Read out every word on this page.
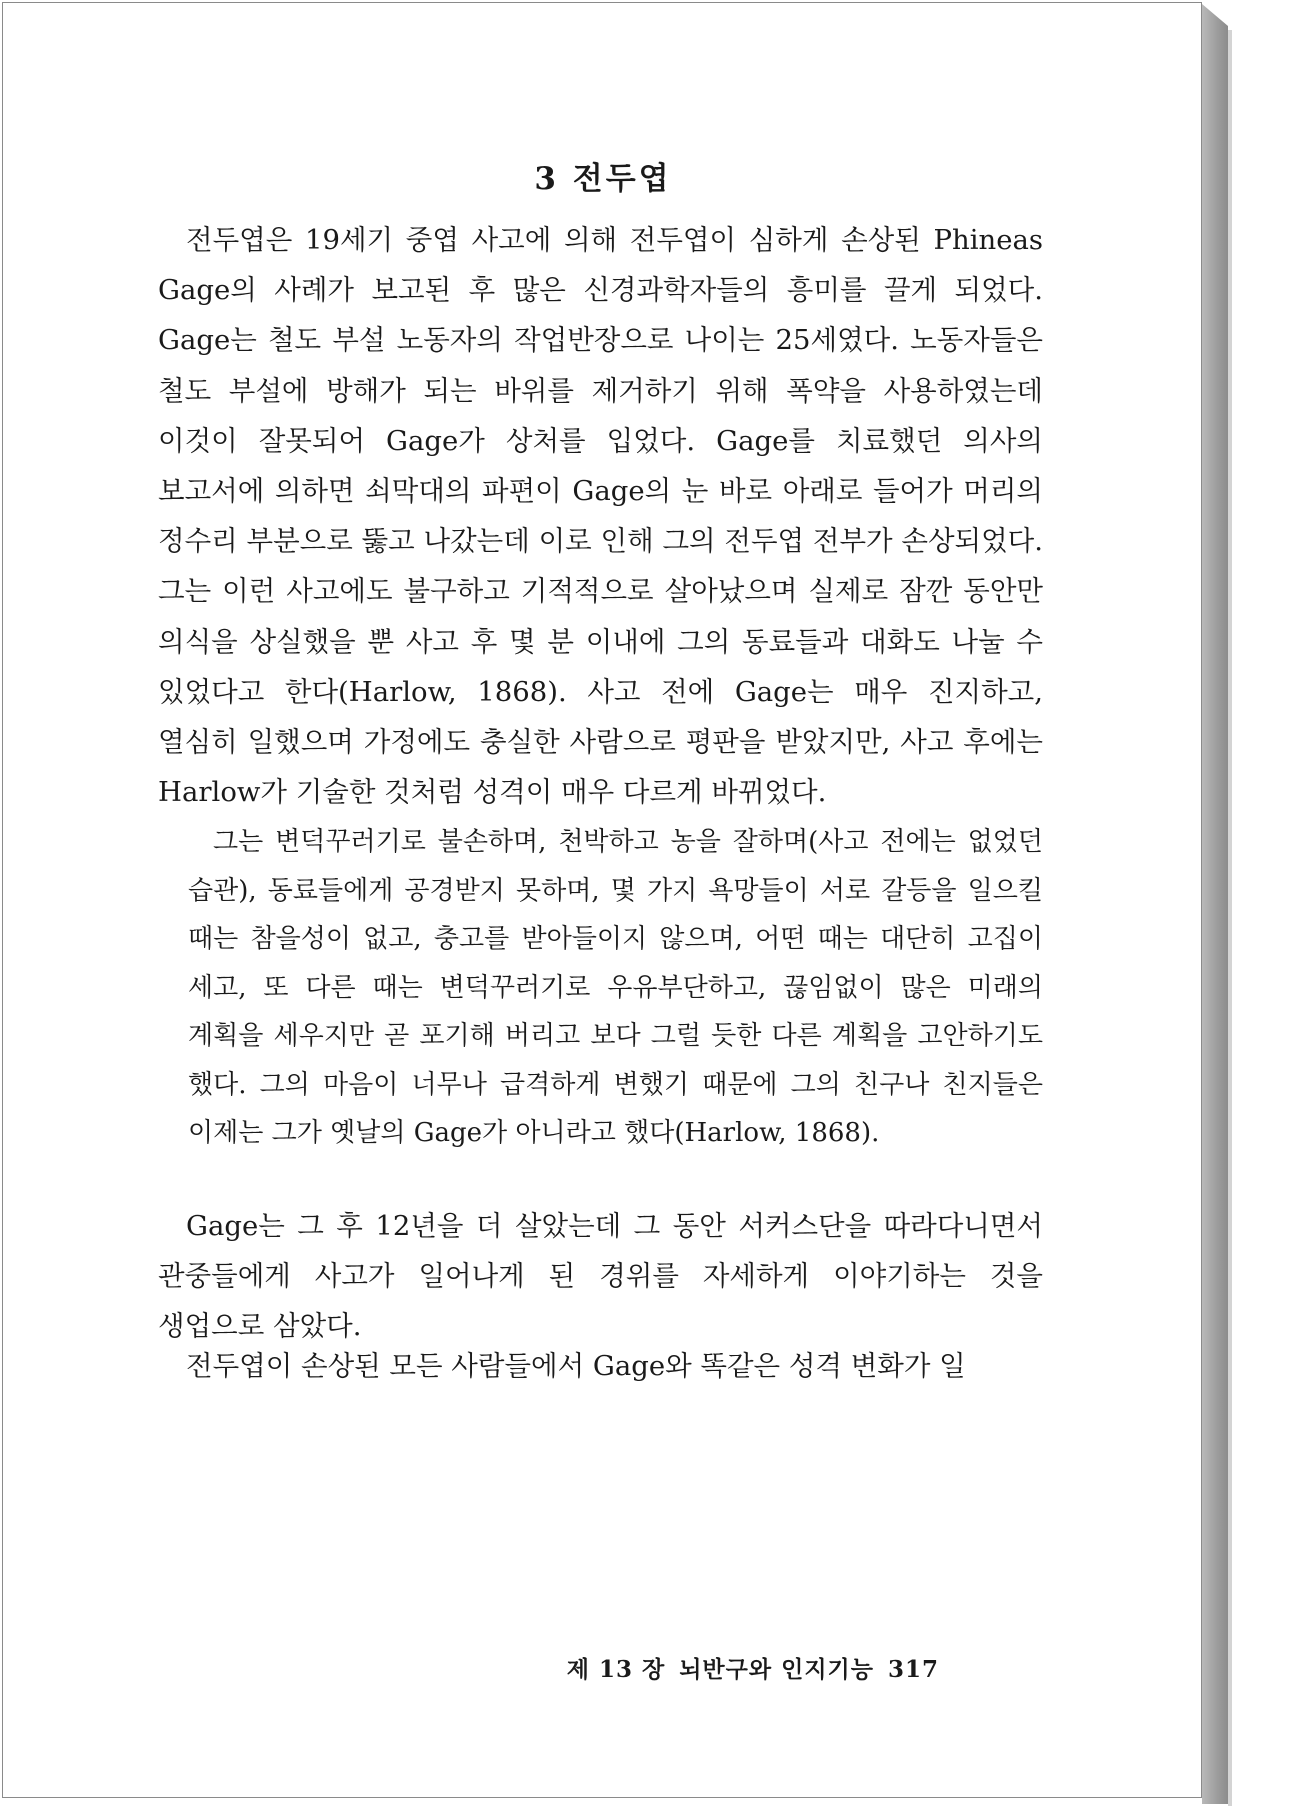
3 전두엽

전두엽은 19세기 중엽 사고에 의해 전두엽이 심하게 손상된 Phineas Gage의 사례가 보고된 후 많은 신경과학자들의 흥미를 끌게 되었다. Gage는 철도 부설 노동자의 작업반장으로 나이는 25세였다. 노동자들은 철도 부설에 방해가 되는 바위를 제거하기 위해 폭약을 사용하였는데 이것이 잘못되어 Gage가 상처를 입었다. Gage를 치료했던 의사의 보고서에 의하면 쇠막대의 파편이 Gage의 눈 바로 아래로 들어가 머리의 정수리 부분으로 뚫고 나갔는데 이로 인해 그의 전두엽 전부가 손상되었다. 그는 이런 사고에도 불구하고 기적적으로 살아났으며 실제로 잠깐 동안만 의식을 상실했을 뿐 사고 후 몇 분 이내에 그의 동료들과 대화도 나눌 수 있었다고 한다(Harlow, 1868). 사고 전에 Gage는 매우 진지하고, 열심히 일했으며 가정에도 충실한 사람으로 평판을 받았지만, 사고 후에는 Harlow가 기술한 것처럼 성격이 매우 다르게 바뀌었다.

그는 변덕꾸러기로 불손하며, 천박하고 농을 잘하며(사고 전에는 없었던 습관), 동료들에게 공경받지 못하며, 몇 가지 욕망들이 서로 갈등을 일으킬 때는 참을성이 없고, 충고를 받아들이지 않으며, 어떤 때는 대단히 고집이 세고, 또 다른 때는 변덕꾸러기로 우유부단하고, 끊임없이 많은 미래의 계획을 세우지만 곧 포기해 버리고 보다 그럴 듯한 다른 계획을 고안하기도 했다. 그의 마음이 너무나 급격하게 변했기 때문에 그의 친구나 친지들은 이제는 그가 옛날의 Gage가 아니라고 했다(Harlow, 1868).

Gage는 그 후 12년을 더 살았는데 그 동안 서커스단을 따라다니면서 관중들에게 사고가 일어나게 된 경위를 자세하게 이야기하는 것을 생업으로 삼았다.

전두엽이 손상된 모든 사람들에서 Gage와 똑같은 성격 변화가 일

제 13 장 뇌반구와 인지기능 317
